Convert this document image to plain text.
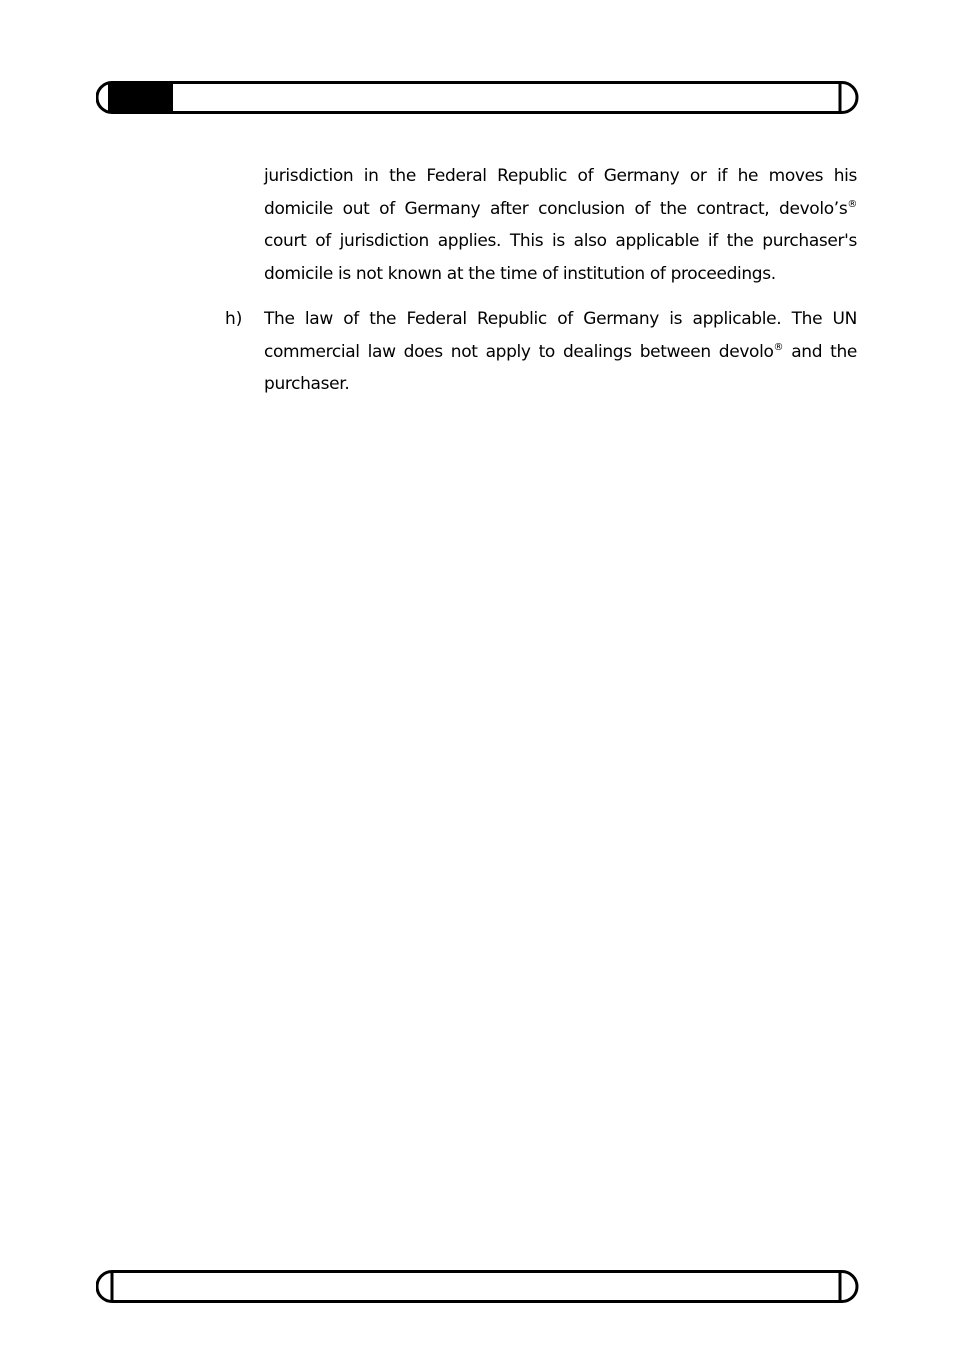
jurisdiction in the Federal Republic of Germany or if he moves his domicile out of Germany after conclusion of the contract, devolo’s® court of jurisdiction applies. This is also applicable if the purchaser's domicile is not known at the time of institution of proceedings.

h) The law of the Federal Republic of Germany is applicable. The UN commercial law does not apply to dealings between devolo® and the purchaser.
